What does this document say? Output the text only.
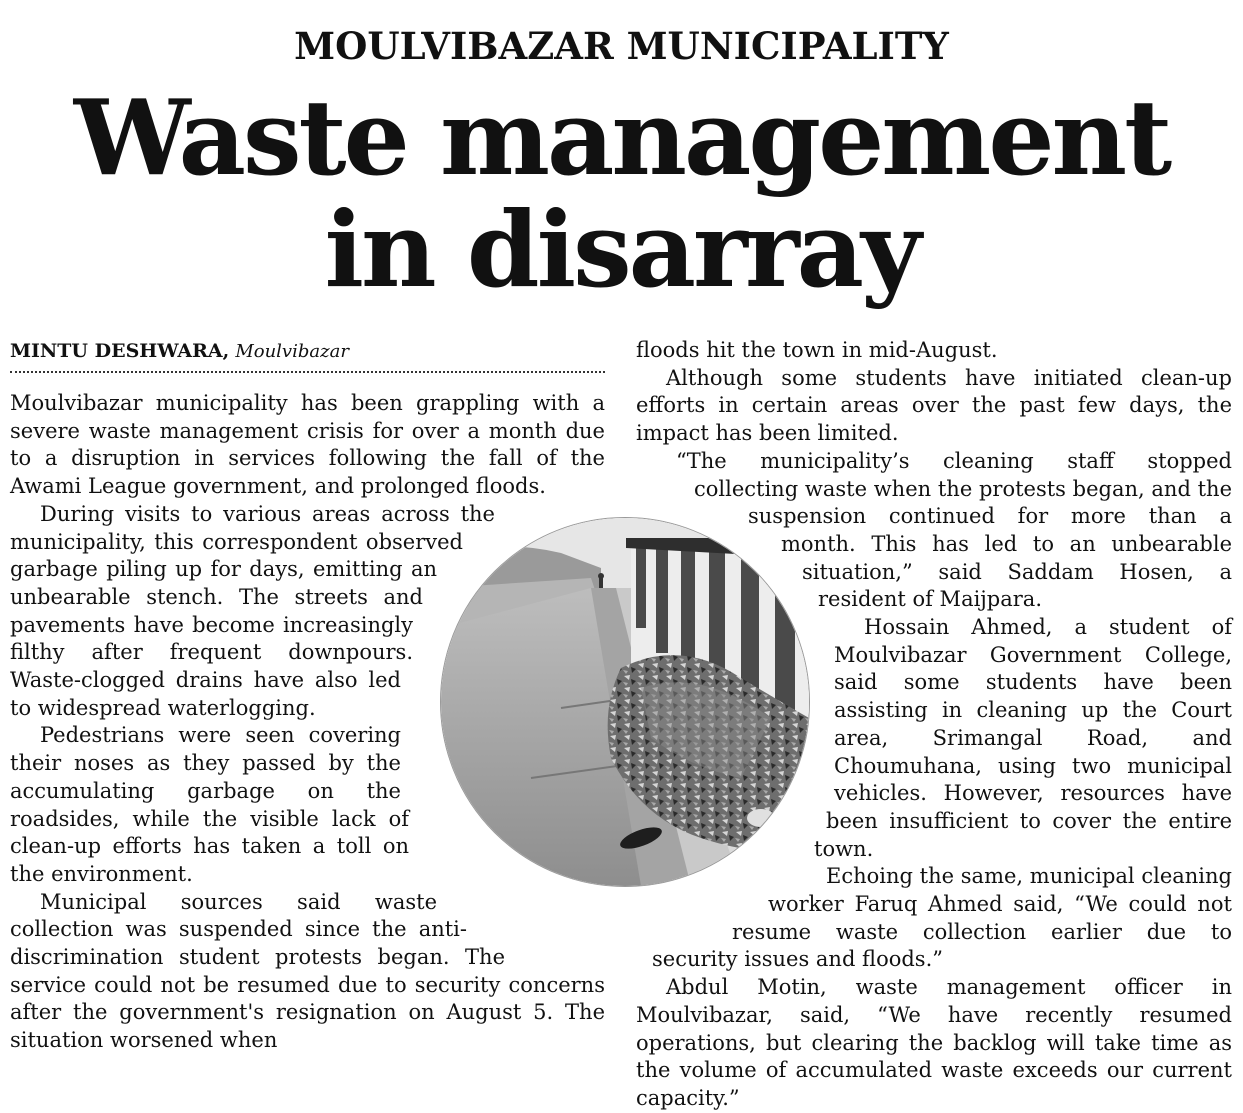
MOULVIBAZAR MUNICIPALITY
Waste management
in disarray
MINTU DESHWARA, Moulvibazar

Moulvibazar municipality has been grappling with a severe waste management crisis for over a month due to a disruption in services following the fall of the Awami League government, and prolonged floods.

During visits to various areas across the municipality, this correspondent observed garbage piling up for days, emitting an unbearable stench. The streets and pavements have become increasingly filthy after frequent downpours. Waste-clogged drains have also led to widespread waterlogging.

Pedestrians were seen covering their noses as they passed by the accumulating garbage on the roadsides, while the visible lack of clean-up efforts has taken a toll on the environment.

Municipal sources said waste collection was suspended since the anti-discrimination student protests began. The service could not be resumed due to security concerns after the government's resignation on August 5. The situation worsened when

floods hit the town in mid-August.

Although some students have initiated clean-up efforts in certain areas over the past few days, the impact has been limited.

“The municipality’s cleaning staff stopped collecting waste when the protests began, and the suspension continued for more than a month. This has led to an unbearable situation,” said Saddam Hosen, a resident of Maijpara.

Hossain Ahmed, a student of Moulvibazar Government College, said some students have been assisting in cleaning up the Court area, Srimangal Road, and Choumuhana, using two municipal vehicles. However, resources have been insufficient to cover the entire town.

Echoing the same, municipal cleaning worker Faruq Ahmed said, “We could not resume waste collection earlier due to security issues and floods.”

Abdul Motin, waste management officer in Moulvibazar, said, “We have recently resumed operations, but clearing the backlog will take time as the volume of accumulated waste exceeds our current capacity.”
